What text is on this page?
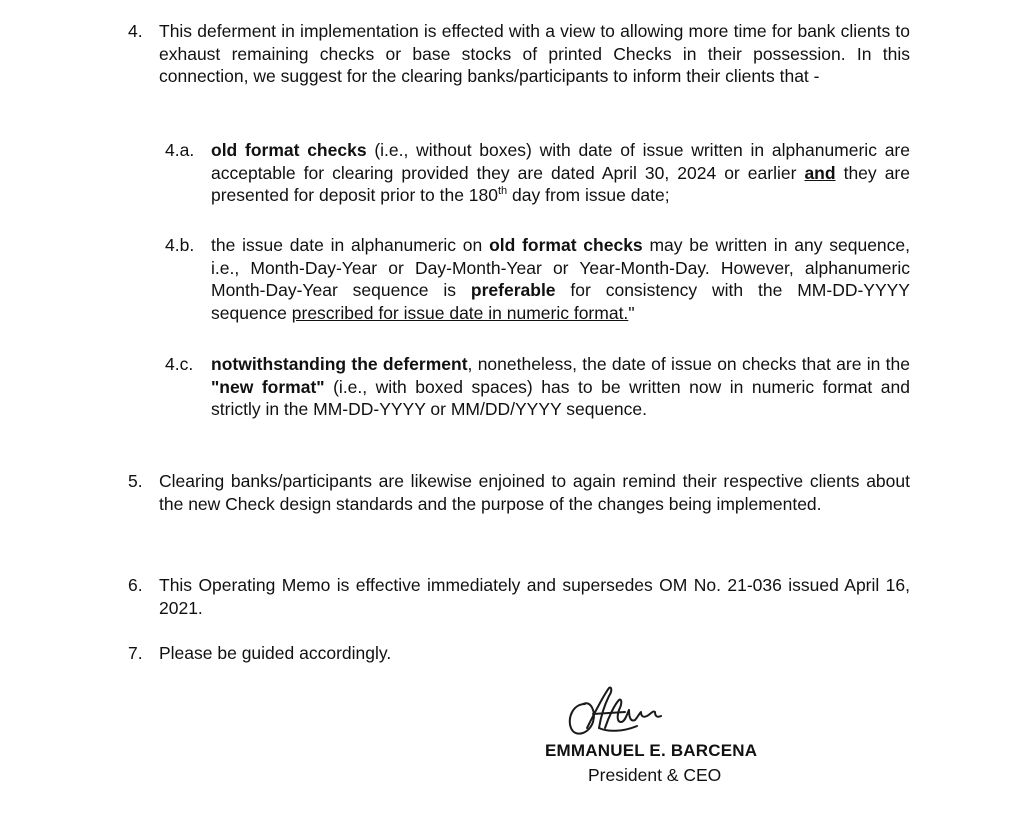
4. This deferment in implementation is effected with a view to allowing more time for bank clients to exhaust remaining checks or base stocks of printed Checks in their possession. In this connection, we suggest for the clearing banks/participants to inform their clients that -
4.a. old format checks (i.e., without boxes) with date of issue written in alphanumeric are acceptable for clearing provided they are dated April 30, 2024 or earlier and they are presented for deposit prior to the 180th day from issue date;
4.b. the issue date in alphanumeric on old format checks may be written in any sequence, i.e., Month-Day-Year or Day-Month-Year or Year-Month-Day. However, alphanumeric Month-Day-Year sequence is preferable for consistency with the MM-DD-YYYY sequence prescribed for issue date in numeric format."
4.c. notwithstanding the deferment, nonetheless, the date of issue on checks that are in the "new format" (i.e., with boxed spaces) has to be written now in numeric format and strictly in the MM-DD-YYYY or MM/DD/YYYY sequence.
5. Clearing banks/participants are likewise enjoined to again remind their respective clients about the new Check design standards and the purpose of the changes being implemented.
6. This Operating Memo is effective immediately and supersedes OM No. 21-036 issued April 16, 2021.
7. Please be guided accordingly.
EMMANUEL E. BARCENA
President & CEO
